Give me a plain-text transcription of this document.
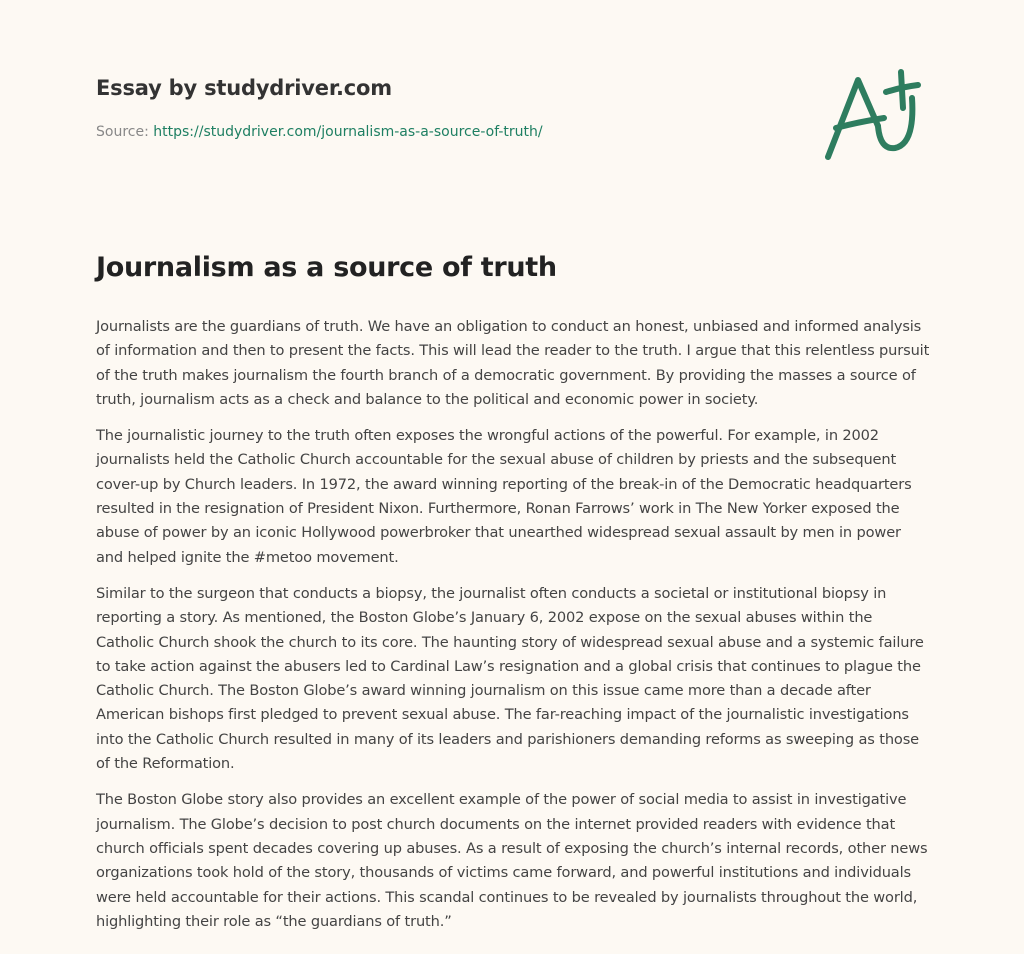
Essay by studydriver.com
Source: https://studydriver.com/journalism-as-a-source-of-truth/
Journalism as a source of truth

Journalists are the guardians of truth. We have an obligation to conduct an honest, unbiased and informed analysis of information and then to present the facts. This will lead the reader to the truth. I argue that this relentless pursuit of the truth makes journalism the fourth branch of a democratic government. By providing the masses a source of truth, journalism acts as a check and balance to the political and economic power in society.

The journalistic journey to the truth often exposes the wrongful actions of the powerful. For example, in 2002 journalists held the Catholic Church accountable for the sexual abuse of children by priests and the subsequent cover-up by Church leaders. In 1972, the award winning reporting of the break-in of the Democratic headquarters resulted in the resignation of President Nixon. Furthermore, Ronan Farrows’ work in The New Yorker exposed the abuse of power by an iconic Hollywood powerbroker that unearthed widespread sexual assault by men in power and helped ignite the #metoo movement.

Similar to the surgeon that conducts a biopsy, the journalist often conducts a societal or institutional biopsy in reporting a story. As mentioned, the Boston Globe’s January 6, 2002 expose on the sexual abuses within the Catholic Church shook the church to its core. The haunting story of widespread sexual abuse and a systemic failure to take action against the abusers led to Cardinal Law’s resignation and a global crisis that continues to plague the Catholic Church. The Boston Globe’s award winning journalism on this issue came more than a decade after American bishops first pledged to prevent sexual abuse. The far-reaching impact of the journalistic investigations into the Catholic Church resulted in many of its leaders and parishioners demanding reforms as sweeping as those of the Reformation.

The Boston Globe story also provides an excellent example of the power of social media to assist in investigative journalism. The Globe’s decision to post church documents on the internet provided readers with evidence that church officials spent decades covering up abuses. As a result of exposing the church’s internal records, other news organizations took hold of the story, thousands of victims came forward, and powerful institutions and individuals were held accountable for their actions. This scandal continues to be revealed by journalists throughout the world, highlighting their role as “the guardians of truth.”
